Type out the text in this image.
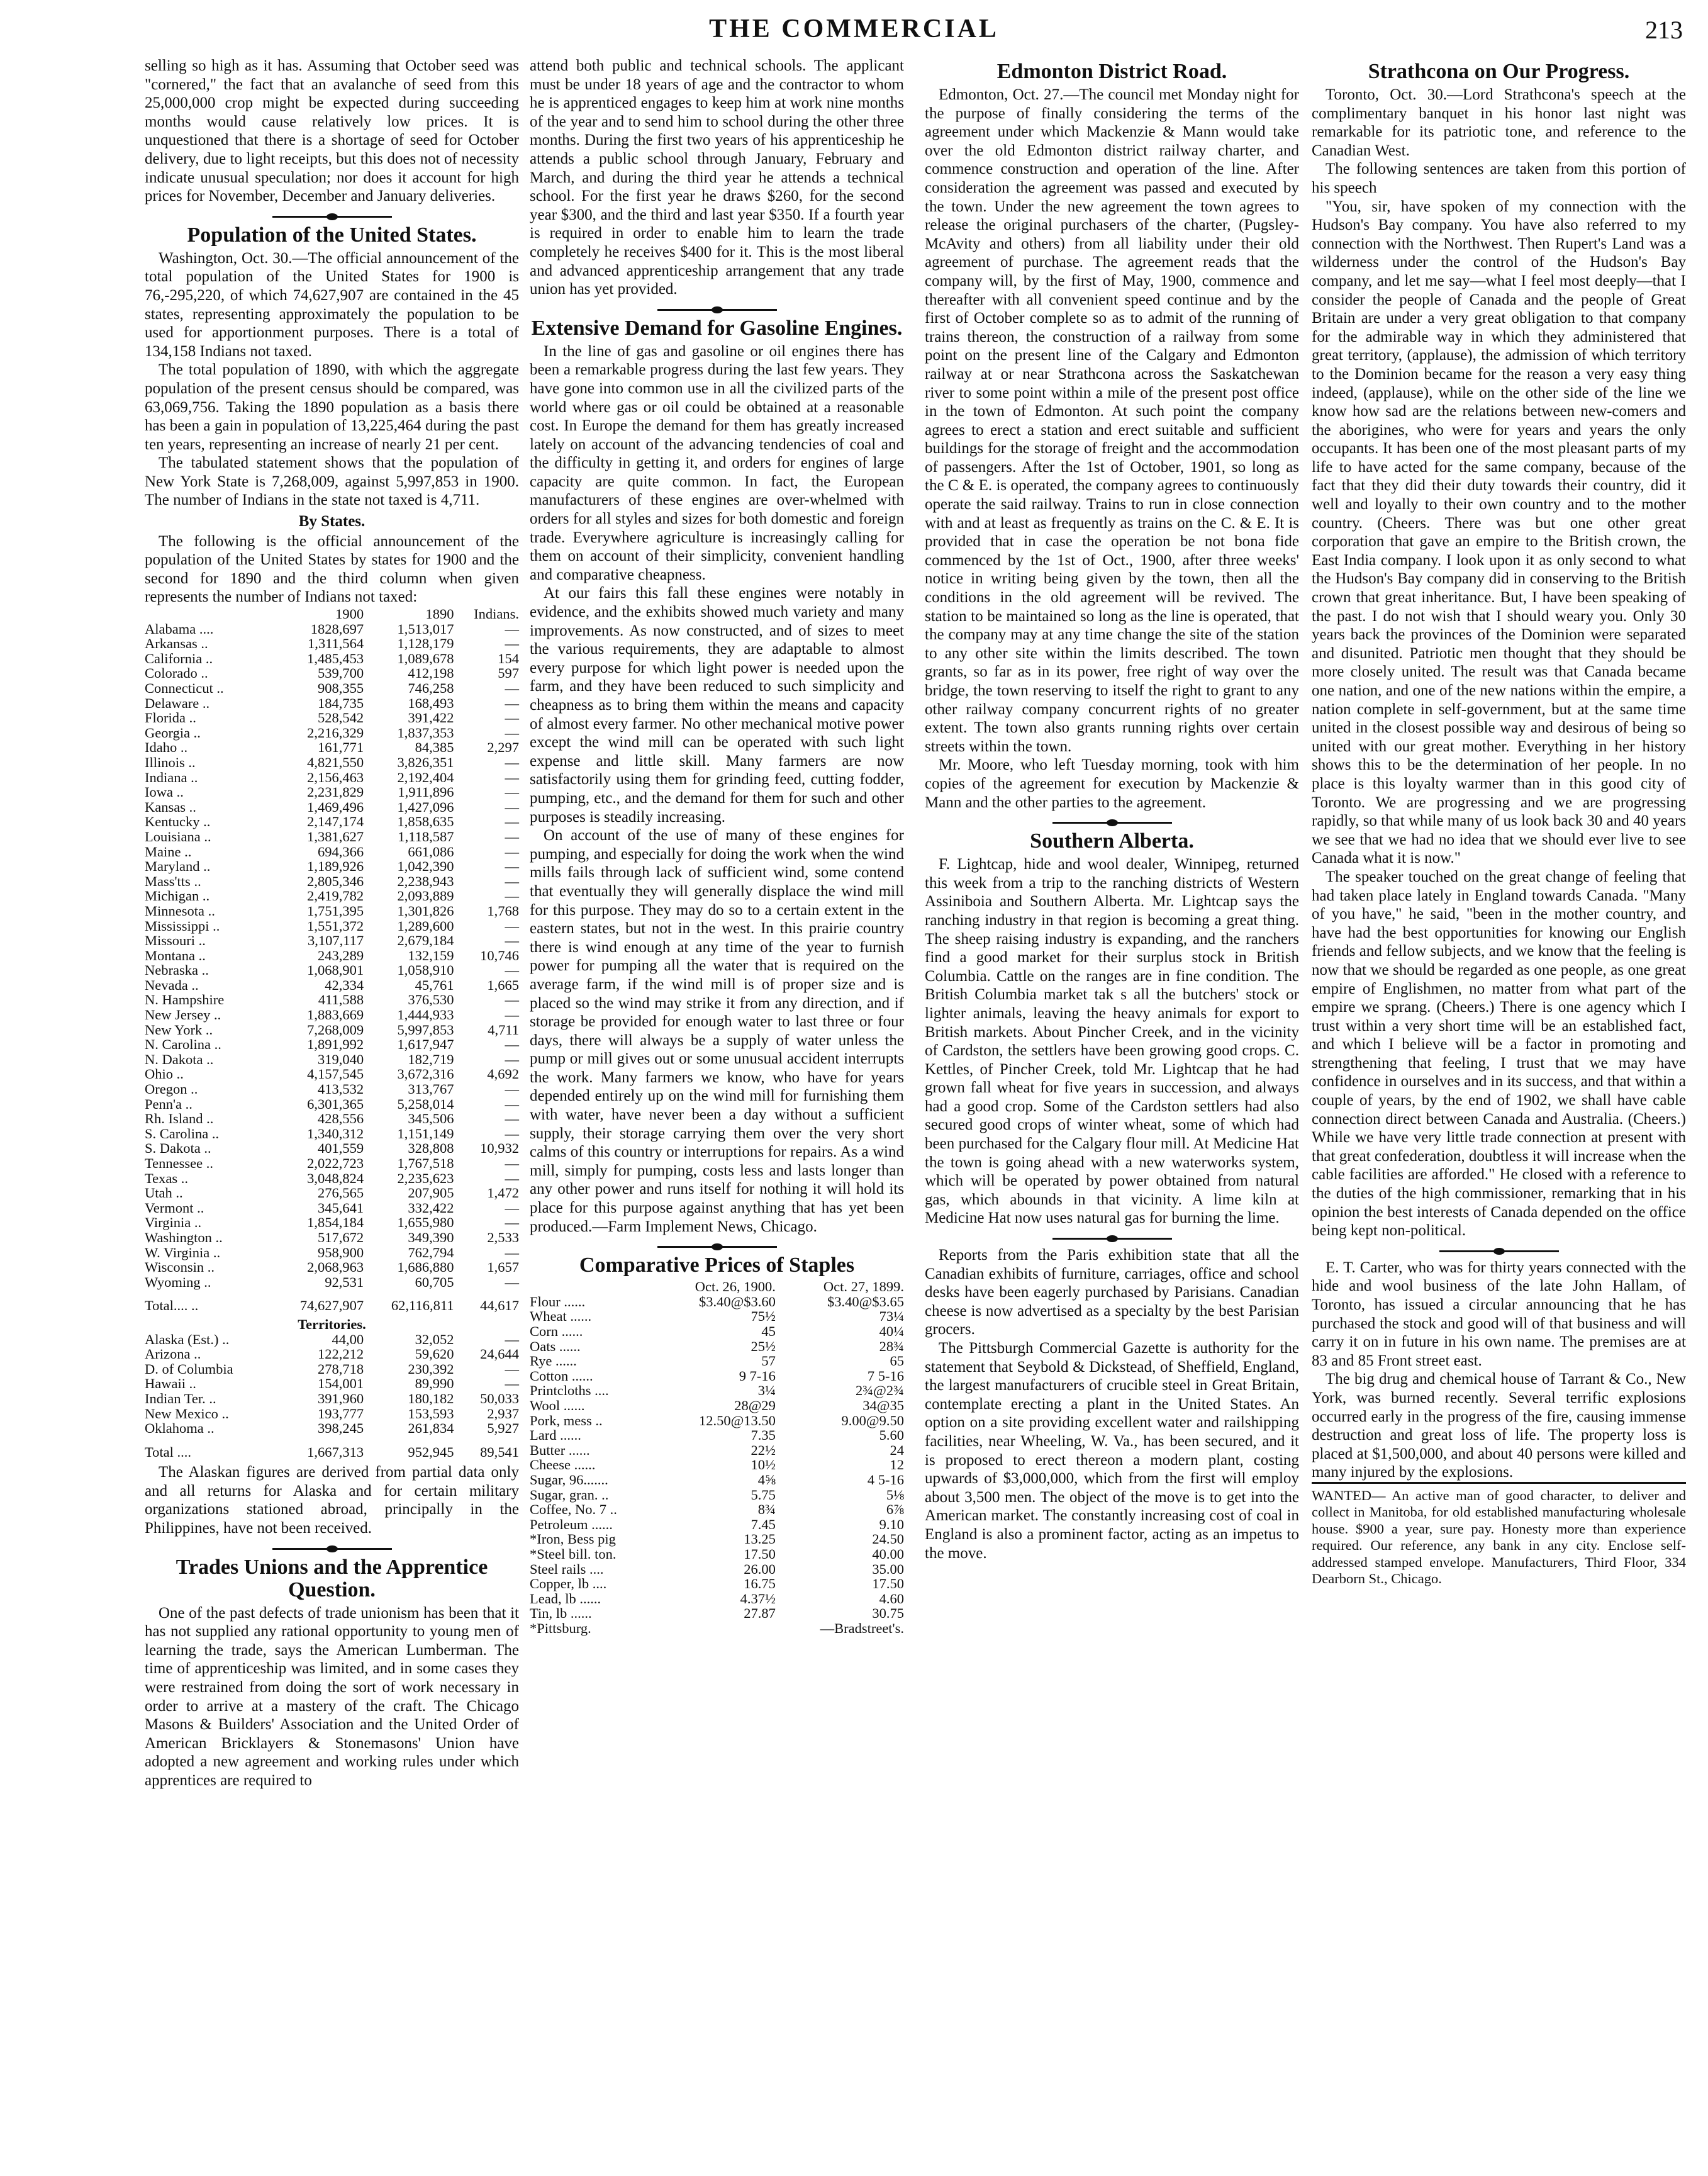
THE COMMERCIAL	213

selling so high as it has. Assuming that October seed was "cornered," the fact that an avalanche of seed from this 25,000,000 crop might be expected during succeeding months would cause relatively low prices. It is unquestioned that there is a shortage of seed for October delivery, due to light receipts, but this does not of necessity indicate unusual speculation; nor does it account for high prices for November, December and January deliveries.

Population of the United States.

Washington, Oct. 30.—The official announcement of the total population of the United States for 1900 is 76,-295,220, of which 74,627,907 are contained in the 45 states, representing approximately the population to be used for apportionment purposes. There is a total of 134,158 Indians not taxed.

The total population of 1890, with which the aggregate population of the present census should be compared, was 63,069,756. Taking the 1890 population as a basis there has been a gain in population of 13,225,464 during the past ten years, representing an increase of nearly 21 per cent.

The tabulated statement shows that the population of New York State is 7,268,009, against 5,997,853 in 1900. The number of Indians in the state not taxed is 4,711.

By States.

The following is the official announcement of the population of the United States by states for 1900 and the second for 1890 and the third column when given represents the number of Indians not taxed:

	1900	1890	Indians.
Alabama ....	1828,697	1,513,017	—
Arkansas ..	1,311,564	1,128,179	—
California ..	1,485,453	1,089,678	154
Colorado ..	539,700	412,198	597
Connecticut ..	908,355	746,258	—
Delaware ..	184,735	168,493	—
Florida ..	528,542	391,422	—
Georgia ..	2,216,329	1,837,353	—
Idaho ..	161,771	84,385	2,297
Illinois ..	4,821,550	3,826,351	—
Indiana ..	2,156,463	2,192,404	—
Iowa ..	2,231,829	1,911,896	—
Kansas ..	1,469,496	1,427,096	—
Kentucky ..	2,147,174	1,858,635	—
Louisiana ..	1,381,627	1,118,587	—
Maine ..	694,366	661,086	—
Maryland ..	1,189,926	1,042,390	—
Mass'tts ..	2,805,346	2,238,943	—
Michigan ..	2,419,782	2,093,889	—
Minnesota ..	1,751,395	1,301,826	1,768
Mississippi ..	1,551,372	1,289,600	—
Missouri ..	3,107,117	2,679,184	—
Montana ..	243,289	132,159	10,746
Nebraska ..	1,068,901	1,058,910	—
Nevada ..	42,334	45,761	1,665
N. Hampshire	411,588	376,530	—
New Jersey ..	1,883,669	1,444,933	—
New York ..	7,268,009	5,997,853	4,711
N. Carolina ..	1,891,992	1,617,947	—
N. Dakota ..	319,040	182,719	—
Ohio ..	4,157,545	3,672,316	4,692
Oregon ..	413,532	313,767	—
Penn'a ..	6,301,365	5,258,014	—
Rh. Island ..	428,556	345,506	—
S. Carolina ..	1,340,312	1,151,149	—
S. Dakota ..	401,559	328,808	10,932
Tennessee ..	2,022,723	1,767,518	—
Texas ..	3,048,824	2,235,623	—
Utah ..	276,565	207,905	1,472
Vermont ..	345,641	332,422	—
Virginia ..	1,854,184	1,655,980	—
Washington ..	517,672	349,390	2,533
W. Virginia ..	958,900	762,794	—
Wisconsin ..	2,068,963	1,686,880	1,657
Wyoming ..	92,531	60,705	—
Total.... ..	74,627,907	62,116,811	44,617
Territories.			
Alaska (Est.) ..	44,00	32,052	—
Arizona ..	122,212	59,620	24,644
D. of Columbia	278,718	230,392	—
Hawaii ..	154,001	89,990	—
Indian Ter. ..	391,960	180,182	50,033
New Mexico ..	193,777	153,593	2,937
Oklahoma ..	398,245	261,834	5,927
Total ....	1,667,313	952,945	89,541

The Alaskan figures are derived from partial data only and all returns for Alaska and for certain military organizations stationed abroad, principally in the Philippines, have not been received.

Trades Unions and the Apprentice Question.

One of the past defects of trade unionism has been that it has not supplied any rational opportunity to young men of learning the trade, says the American Lumberman. The time of apprenticeship was limited, and in some cases they were restrained from doing the sort of work necessary in order to arrive at a mastery of the craft. The Chicago Masons & Builders' Association and the United Order of American Bricklayers & Stonemasons' Union have adopted a new agreement and working rules under which apprentices are required to

attend both public and technical schools. The applicant must be under 18 years of age and the contractor to whom he is apprenticed engages to keep him at work nine months of the year and to send him to school during the other three months. During the first two years of his apprenticeship he attends a public school through January, February and March, and during the third year he attends a technical school. For the first year he draws $260, for the second year $300, and the third and last year $350. If a fourth year is required in order to enable him to learn the trade completely he receives $400 for it. This is the most liberal and advanced apprenticeship arrangement that any trade union has yet provided.

Extensive Demand for Gasoline Engines.

In the line of gas and gasoline or oil engines there has been a remarkable progress during the last few years. They have gone into common use in all the civilized parts of the world where gas or oil could be obtained at a reasonable cost. In Europe the demand for them has greatly increased lately on account of the advancing tendencies of coal and the difficulty in getting it, and orders for engines of large capacity are quite common. In fact, the European manufacturers of these engines are over-whelmed with orders for all styles and sizes for both domestic and foreign trade. Everywhere agriculture is increasingly calling for them on account of their simplicity, convenient handling and comparative cheapness.

At our fairs this fall these engines were notably in evidence, and the exhibits showed much variety and many improvements. As now constructed, and of sizes to meet the various requirements, they are adaptable to almost every purpose for which light power is needed upon the farm, and they have been reduced to such simplicity and cheapness as to bring them within the means and capacity of almost every farmer. No other mechanical motive power except the wind mill can be operated with such light expense and little skill. Many farmers are now satisfactorily using them for grinding feed, cutting fodder, pumping, etc., and the demand for them for such and other purposes is steadily increasing.

On account of the use of many of these engines for pumping, and especially for doing the work when the wind mills fails through lack of sufficient wind, some contend that eventually they will generally displace the wind mill for this purpose. They may do so to a certain extent in the eastern states, but not in the west. In this prairie country there is wind enough at any time of the year to furnish power for pumping all the water that is required on the average farm, if the wind mill is of proper size and is placed so the wind may strike it from any direction, and if storage be provided for enough water to last three or four days, there will always be a supply of water unless the pump or mill gives out or some unusual accident interrupts the work. Many farmers we know, who have for years depended entirely up on the wind mill for furnishing them with water, have never been a day without a sufficient supply, their storage carrying them over the very short calms of this country or interruptions for repairs. As a wind mill, simply for pumping, costs less and lasts longer than any other power and runs itself for nothing it will hold its place for this purpose against anything that has yet been produced.—Farm Implement News, Chicago.

Comparative Prices of Staples
	Oct. 26, 1900.	Oct. 27, 1899.
Flour ......	$3.40@$3.60	$3.40@$3.65
Wheat ......	75½	73¼
Corn ......	45	40¼
Oats ......	25½	28¾
Rye ......	57	65
Cotton ......	9 7-16	7 5-16
Printcloths ....	3¼	2¾@2¾
Wool ......	28@29	34@35
Pork, mess ..	12.50@13.50	9.00@9.50
Lard ......	7.35	5.60
Butter ......	22½	24
Cheese ......	10½	12
Sugar, 96.......	4⅝	4 5-16
Sugar, gran. ..	5.75	5⅛
Coffee, No. 7 ..	8¾	6⅞
Petroleum ......	7.45	9.10
*Iron, Bess pig	13.25	24.50
*Steel bill. ton.	17.50	40.00
Steel rails ....	26.00	35.00
Copper, lb ....	16.75	17.50
Lead, lb ......	4.37½	4.60
Tin, lb ......	27.87	30.75
*Pittsburg.		—Bradstreet's.
Edmonton District Road.

Edmonton, Oct. 27.—The council met Monday night for the purpose of finally considering the terms of the agreement under which Mackenzie & Mann would take over the old Edmonton district railway charter, and commence construction and operation of the line. After consideration the agreement was passed and executed by the town. Under the new agreement the town agrees to release the original purchasers of the charter, (Pugsley-McAvity and others) from all liability under their old agreement of purchase. The agreement reads that the company will, by the first of May, 1900, commence and thereafter with all convenient speed continue and by the first of October complete so as to admit of the running of trains thereon, the construction of a railway from some point on the present line of the Calgary and Edmonton railway at or near Strathcona across the Saskatchewan river to some point within a mile of the present post office in the town of Edmonton. At such point the company agrees to erect a station and erect suitable and sufficient buildings for the storage of freight and the accommodation of passengers. After the 1st of October, 1901, so long as the C & E. is operated, the company agrees to continuously operate the said railway. Trains to run in close connection with and at least as frequently as trains on the C. & E. It is provided that in case the operation be not bona fide commenced by the 1st of Oct., 1900, after three weeks' notice in writing being given by the town, then all the conditions in the old agreement will be revived. The station to be maintained so long as the line is operated, that the company may at any time change the site of the station to any other site within the limits described. The town grants, so far as in its power, free right of way over the bridge, the town reserving to itself the right to grant to any other railway company concurrent rights of no greater extent. The town also grants running rights over certain streets within the town.

Mr. Moore, who left Tuesday morning, took with him copies of the agreement for execution by Mackenzie & Mann and the other parties to the agreement.

Southern Alberta.

F. Lightcap, hide and wool dealer, Winnipeg, returned this week from a trip to the ranching districts of Western Assiniboia and Southern Alberta. Mr. Lightcap says the ranching industry in that region is becoming a great thing. The sheep raising industry is expanding, and the ranchers find a good market for their surplus stock in British Columbia. Cattle on the ranges are in fine condition. The British Columbia market tak s all the butchers' stock or lighter animals, leaving the heavy animals for export to British markets. About Pincher Creek, and in the vicinity of Cardston, the settlers have been growing good crops. C. Kettles, of Pincher Creek, told Mr. Lightcap that he had grown fall wheat for five years in succession, and always had a good crop. Some of the Cardston settlers had also secured good crops of winter wheat, some of which had been purchased for the Calgary flour mill. At Medicine Hat the town is going ahead with a new waterworks system, which will be operated by power obtained from natural gas, which abounds in that vicinity. A lime kiln at Medicine Hat now uses natural gas for burning the lime.

Reports from the Paris exhibition state that all the Canadian exhibits of furniture, carriages, office and school desks have been eagerly purchased by Parisians. Canadian cheese is now advertised as a specialty by the best Parisian grocers.

The Pittsburgh Commercial Gazette is authority for the statement that Seybold & Dickstead, of Sheffield, England, the largest manufacturers of crucible steel in Great Britain, contemplate erecting a plant in the United States. An option on a site providing excellent water and railshipping facilities, near Wheeling, W. Va., has been secured, and it is proposed to erect thereon a modern plant, costing upwards of $3,000,000, which from the first will employ about 3,500 men. The object of the move is to get into the American market. The constantly increasing cost of coal in England is also a prominent factor, acting as an impetus to the move.

Strathcona on Our Progress.

Toronto, Oct. 30.—Lord Strathcona's speech at the complimentary banquet in his honor last night was remarkable for its patriotic tone, and reference to the Canadian West.

The following sentences are taken from this portion of his speech

"You, sir, have spoken of my connection with the Hudson's Bay company. You have also referred to my connection with the Northwest. Then Rupert's Land was a wilderness under the control of the Hudson's Bay company, and let me say—what I feel most deeply—that I consider the people of Canada and the people of Great Britain are under a very great obligation to that company for the admirable way in which they administered that great territory, (applause), the admission of which territory to the Dominion became for the reason a very easy thing indeed, (applause), while on the other side of the line we know how sad are the relations between new-comers and the aborigines, who were for years and years the only occupants. It has been one of the most pleasant parts of my life to have acted for the same company, because of the fact that they did their duty towards their country, did it well and loyally to their own country and to the mother country. (Cheers. There was but one other great corporation that gave an empire to the British crown, the East India company. I look upon it as only second to what the Hudson's Bay company did in conserving to the British crown that great inheritance. But, I have been speaking of the past. I do not wish that I should weary you. Only 30 years back the provinces of the Dominion were separated and disunited. Patriotic men thought that they should be more closely united. The result was that Canada became one nation, and one of the new nations within the empire, a nation complete in self-government, but at the same time united in the closest possible way and desirous of being so united with our great mother. Everything in her history shows this to be the determination of her people. In no place is this loyalty warmer than in this good city of Toronto. We are progressing and we are progressing rapidly, so that while many of us look back 30 and 40 years we see that we had no idea that we should ever live to see Canada what it is now."

The speaker touched on the great change of feeling that had taken place lately in England towards Canada. "Many of you have," he said, "been in the mother country, and have had the best opportunities for knowing our English friends and fellow subjects, and we know that the feeling is now that we should be regarded as one people, as one great empire of Englishmen, no matter from what part of the empire we sprang. (Cheers.) There is one agency which I trust within a very short time will be an established fact, and which I believe will be a factor in promoting and strengthening that feeling, I trust that we may have confidence in ourselves and in its success, and that within a couple of years, by the end of 1902, we shall have cable connection direct between Canada and Australia. (Cheers.) While we have very little trade connection at present with that great confederation, doubtless it will increase when the cable facilities are afforded." He closed with a reference to the duties of the high commissioner, remarking that in his opinion the best interests of Canada depended on the office being kept non-political.

E. T. Carter, who was for thirty years connected with the hide and wool business of the late John Hallam, of Toronto, has issued a circular announcing that he has purchased the stock and good will of that business and will carry it on in future in his own name. The premises are at 83 and 85 Front street east.

The big drug and chemical house of Tarrant & Co., New York, was burned recently. Several terrific explosions occurred early in the progress of the fire, causing immense destruction and great loss of life. The property loss is placed at $1,500,000, and about 40 persons were killed and many injured by the explosions.

WANTED— An active man of good character, to deliver and collect in Manitoba, for old established manufacturing wholesale house. $900 a year, sure pay. Honesty more than experience required. Our reference, any bank in any city. Enclose self-addressed stamped envelope. Manufacturers, Third Floor, 334 Dearborn St., Chicago.
